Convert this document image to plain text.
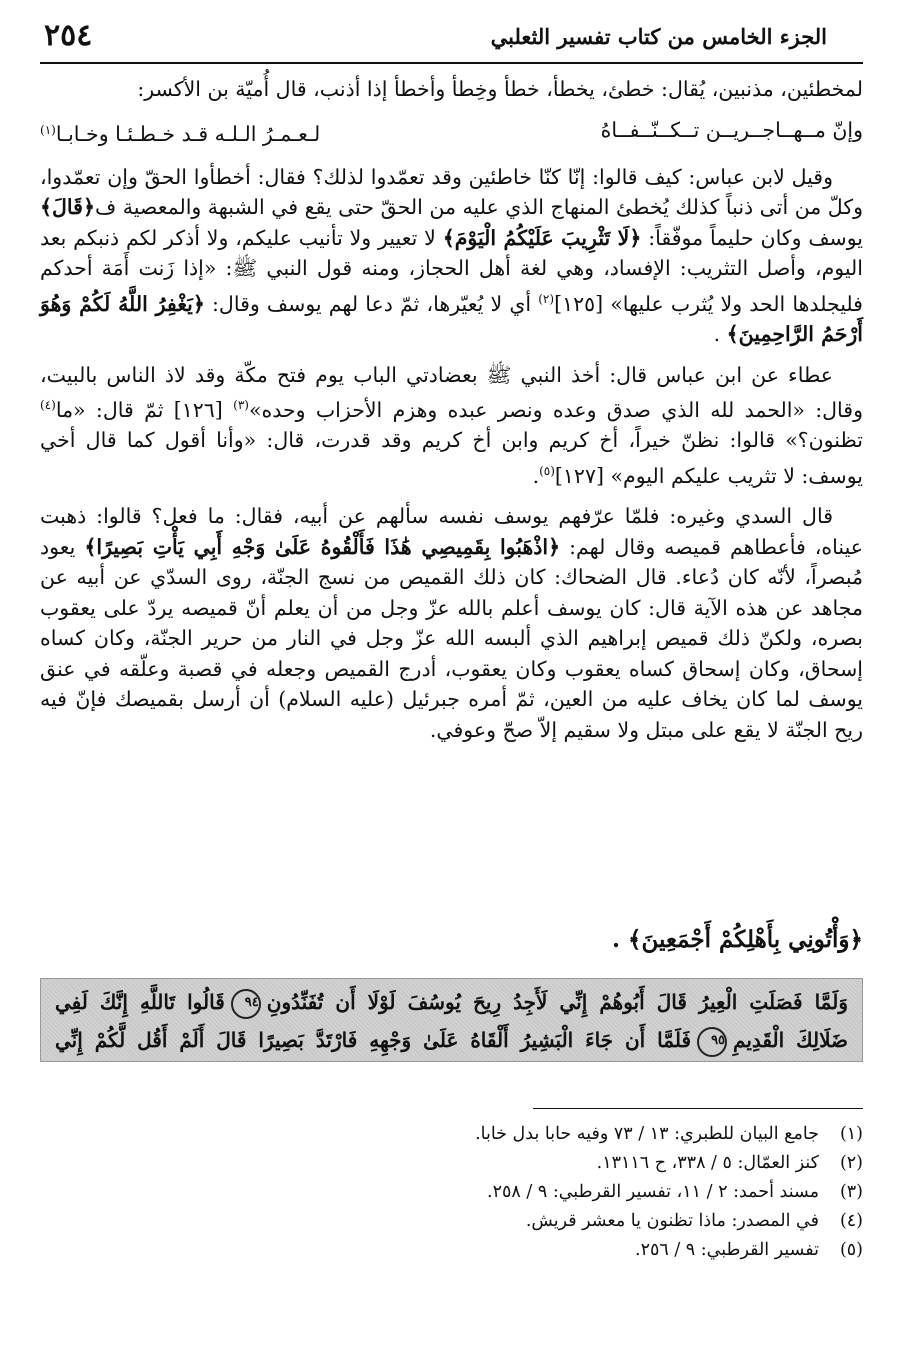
الجزء الخامس من كتاب تفسير الثعلبي
٢٥٤

لمخطئين، مذنبين، يُقال: خطئ، يخطأ، خطأ وخِطأ وأخطأ إذا أذنب، قال أُميّة بن الأكسر:

وإنّ مــهــاجــريــن تــكــنّــفــاهُ
لـعـمـرُ الـلـه قـد خـطـئـا وخـابـا$^{(١)}$

وقيل لابن عباس: كيف قالوا: إنّا كنّا خاطئين وقد تعمّدوا لذلك؟ فقال: أخطأوا الحقّ وإن تعمّدوا، وكلّ من أتى ذنباً كذلك يُخطئ المنهاج الذي عليه من الحقّ حتى يقع في الشبهة والمعصية ف﴿قَالَ﴾ يوسف وكان حليماً موفّقاً: ﴿لَا تَثْرِيبَ عَلَيْكُمُ الْيَوْمَ﴾ لا تعيير ولا تأنيب عليكم، ولا أذكر لكم ذنبكم بعد اليوم، وأصل التثريب: الإفساد، وهي لغة أهل الحجاز، ومنه قول النبي ﷺ: «إذا زَنت أَمَة أحدكم فليجلدها الحد ولا يُثرب عليها» [١٢٥]$^{(٢)}$ أي لا يُعيّرها، ثمّ دعا لهم يوسف وقال: ﴿يَغْفِرُ اللَّهُ لَكُمْ وَهُوَ أَرْحَمُ الرَّاحِمِينَ﴾ .

عطاء عن ابن عباس قال: أخذ النبي ﷺ بعضادتي الباب يوم فتح مكّة وقد لاذ الناس بالبيت، وقال: «الحمد لله الذي صدق وعده ونصر عبده وهزم الأحزاب وحده»$^{(٣)}$ [١٢٦] ثمّ قال: «ما$^{(٤)}$ تظنون؟» قالوا: نظنّ خيراً، أخ كريم وابن أخ كريم وقد قدرت، قال: «وأنا أقول كما قال أخي يوسف: لا تثريب عليكم اليوم» [١٢٧]$^{(٥)}$.

قال السدي وغيره: فلمّا عرّفهم يوسف نفسه سألهم عن أبيه، فقال: ما فعل؟ قالوا: ذهبت عيناه، فأعطاهم قميصه وقال لهم: ﴿اذْهَبُوا بِقَمِيصِي هَٰذَا فَأَلْقُوهُ عَلَىٰ وَجْهِ أَبِي يَأْتِ بَصِيرًا﴾ يعود مُبصراً، لأنّه كان دُعاء. قال الضحاك: كان ذلك القميص من نسج الجنّة، روى السدّي عن أبيه عن مجاهد عن هذه الآية قال: كان يوسف أعلم بالله عزّ وجل من أن يعلم أنّ قميصه يردّ على يعقوب بصره، ولكنّ ذلك قميص إبراهيم الذي ألبسه الله عزّ وجل في النار من حرير الجنّة، وكان كساه إسحاق، وكان إسحاق كساه يعقوب وكان يعقوب، أدرج القميص وجعله في قصبة وعلّقه في عنق يوسف لما كان يخاف عليه من العين، ثمّ أمره جبرئيل (عليه السلام) أن أرسل بقميصك فإنّ فيه ريح الجنّة لا يقع على مبتل ولا سقيم إلاّ صحّ وعوفي.

﴿وَأْتُونِي بِأَهْلِكُمْ أَجْمَعِينَ﴾ .
وَلَمَّا فَصَلَتِ الْعِيرُ قَالَ أَبُوهُمْ إِنِّي لَأَجِدُ رِيحَ يُوسُفَ لَوْلَا أَن تُفَنِّدُونِ٩٤قَالُوا تَاللَّهِ إِنَّكَ لَفِي
ضَلَالِكَ الْقَدِيمِ٩٥فَلَمَّا أَن جَاءَ الْبَشِيرُ أَلْقَاهُ عَلَىٰ وَجْهِهِ فَارْتَدَّ بَصِيرًا قَالَ أَلَمْ أَقُل لَّكُمْ إِنِّي
(١)
جامع البيان للطبري: ١٣ / ٧٣ وفيه حابا بدل خابا.
(٢)
كنز العمّال: ٥ / ٣٣٨، ح ١٣١١٦.
(٣)
مسند أحمد: ٢ / ١١، تفسير القرطبي: ٩ / ٢٥٨.
(٤)
في المصدر: ماذا تظنون يا معشر قريش.
(٥)
تفسير القرطبي: ٩ / ٢٥٦.
